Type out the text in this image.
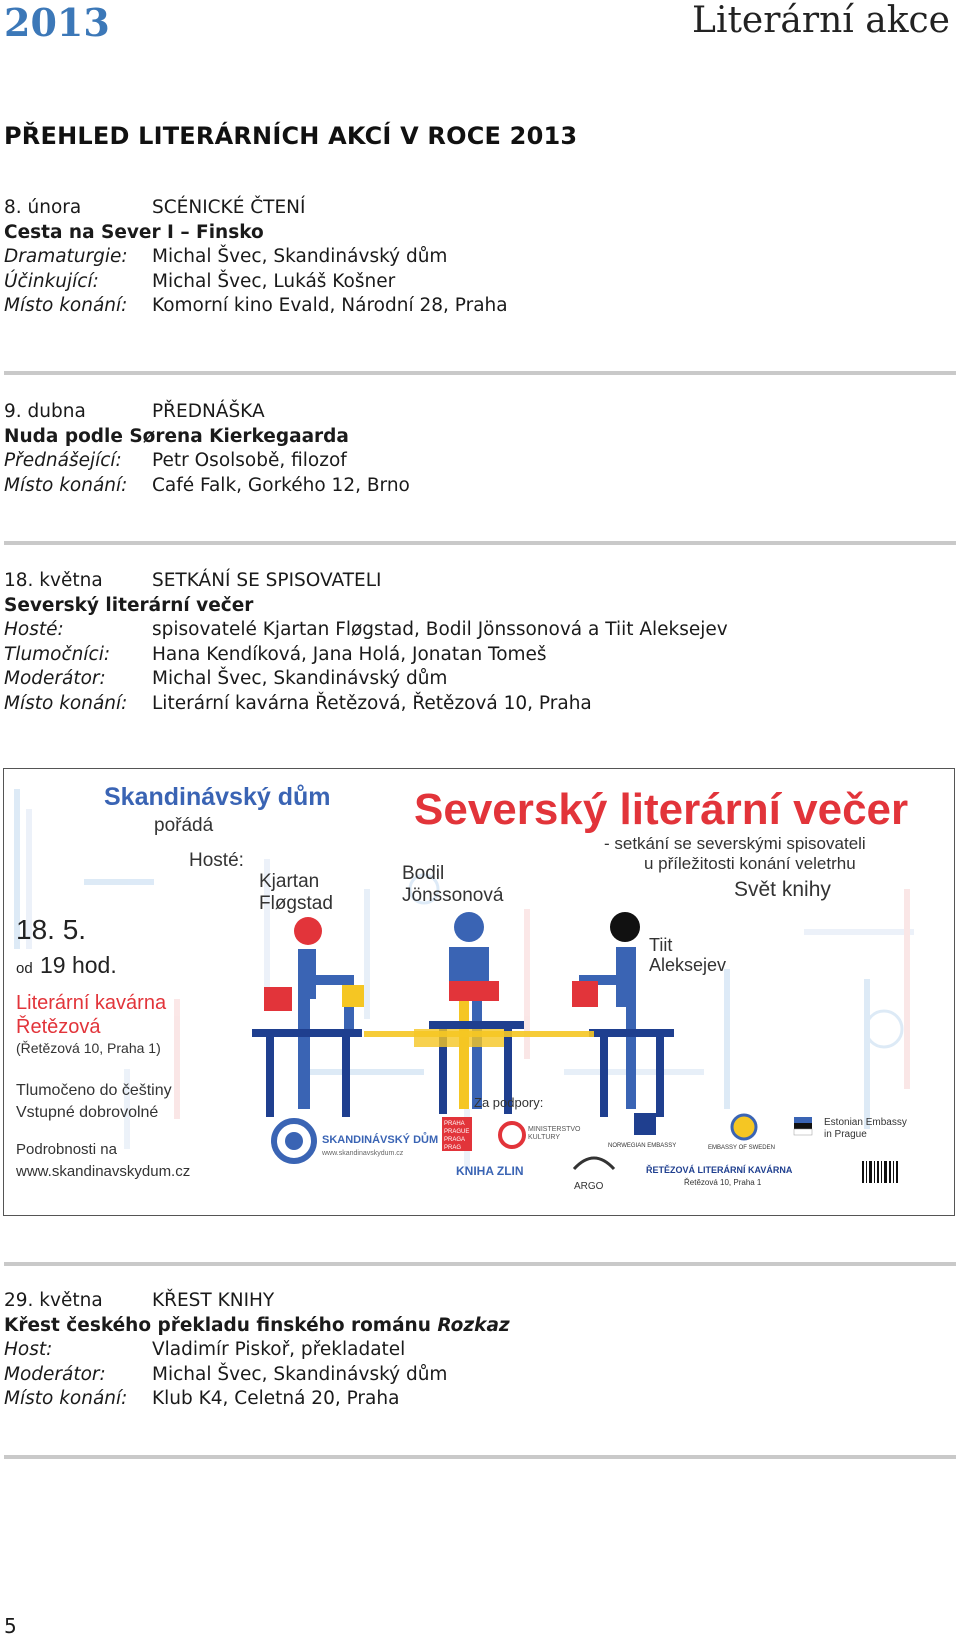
2013	Literární akce
PŘEHLED LITERÁRNÍCH AKCÍ V ROCE 2013
8. února	SCÉNICKÉ ČTENÍ
Cesta na Sever I – Finsko
Dramaturgie: Michal Švec, Skandinávský dům
Účinkující:	Michal Švec, Lukáš Košner
Místo konání: Komorní kino Evald, Národní 28, Praha
9. dubna	PŘEDNÁŠKA
Nuda podle Sørena Kierkegaarda
Přednášející: Petr Osolsobě, filozof
Místo konání: Café Falk, Gorkého 12, Brno
18. května	SETKÁNÍ SE SPISOVATELI
Severský literární večer
Hosté:	spisovatelé Kjartan Fløgstad, Bodil Jönssonová a Tiit Aleksejev
Tlumočníci: Hana Kendíková, Jana Holá, Jonatan Tomeš
Moderátor: Michal Švec, Skandinávský dům
Místo konání: Literární kavárna Řetězová, Řetězová 10, Praha
Skandinávský dům
pořádá	Severský literární večer
- setkání se severskými spisovateli
u příležitosti konání veletrhu
Svět knihy
Hosté:
Kjartan
Fløgstad
Bodil
Jönssonová
Tiit
Aleksejev
18. 5.
od 19 hod.
Literární kavárna
Řetězová
(Řetězová 10, Praha 1)
Tlumočeno do češtiny
Vstupné dobrovolné
Podrobnosti na
www.skandinavskydum.cz
Za podpory:
SKANDINÁVSKÝ DŮM
www.skandinavskydum.cz
PRAHA
PRAGUE
PRAGA
PRAG
KNIHA ZLIN
MINISTERSTVO
KULTURY
ARGO
NORWEGIAN EMBASSY	EMBASSY OF SWEDEN
Estonian Embassy
in Prague
ŘETĚZOVÁ LITERÁRNÍ KAVÁRNA
Řetězová 10, Praha 1
29. května	KŘEST KNIHY
Křest českého překladu finského románu Rozkaz
Host:	Vladimír Piskoř, překladatel
Moderátor: Michal Švec, Skandinávský dům
Místo konání: Klub K4, Celetná 20, Praha
5
